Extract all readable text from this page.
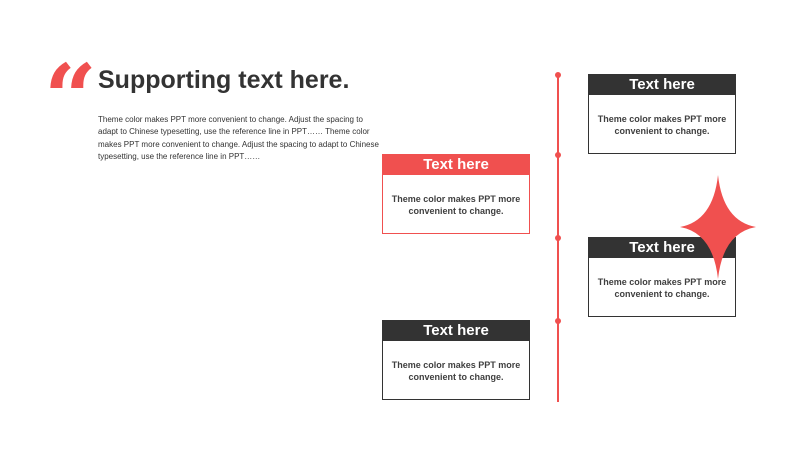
“ Supporting text here.

Theme color makes PPT more convenient to change. Adjust the spacing to adapt to Chinese typesetting, use the reference line in PPT…… Theme color makes PPT more convenient to change. Adjust the spacing to adapt to Chinese typesetting, use the reference line in PPT……

Text here
Theme color makes PPT more convenient to change.
Text here
Theme color makes PPT more convenient to change.
Text here
Theme color makes PPT more convenient to change.
Text here
Theme color makes PPT more convenient to change.
